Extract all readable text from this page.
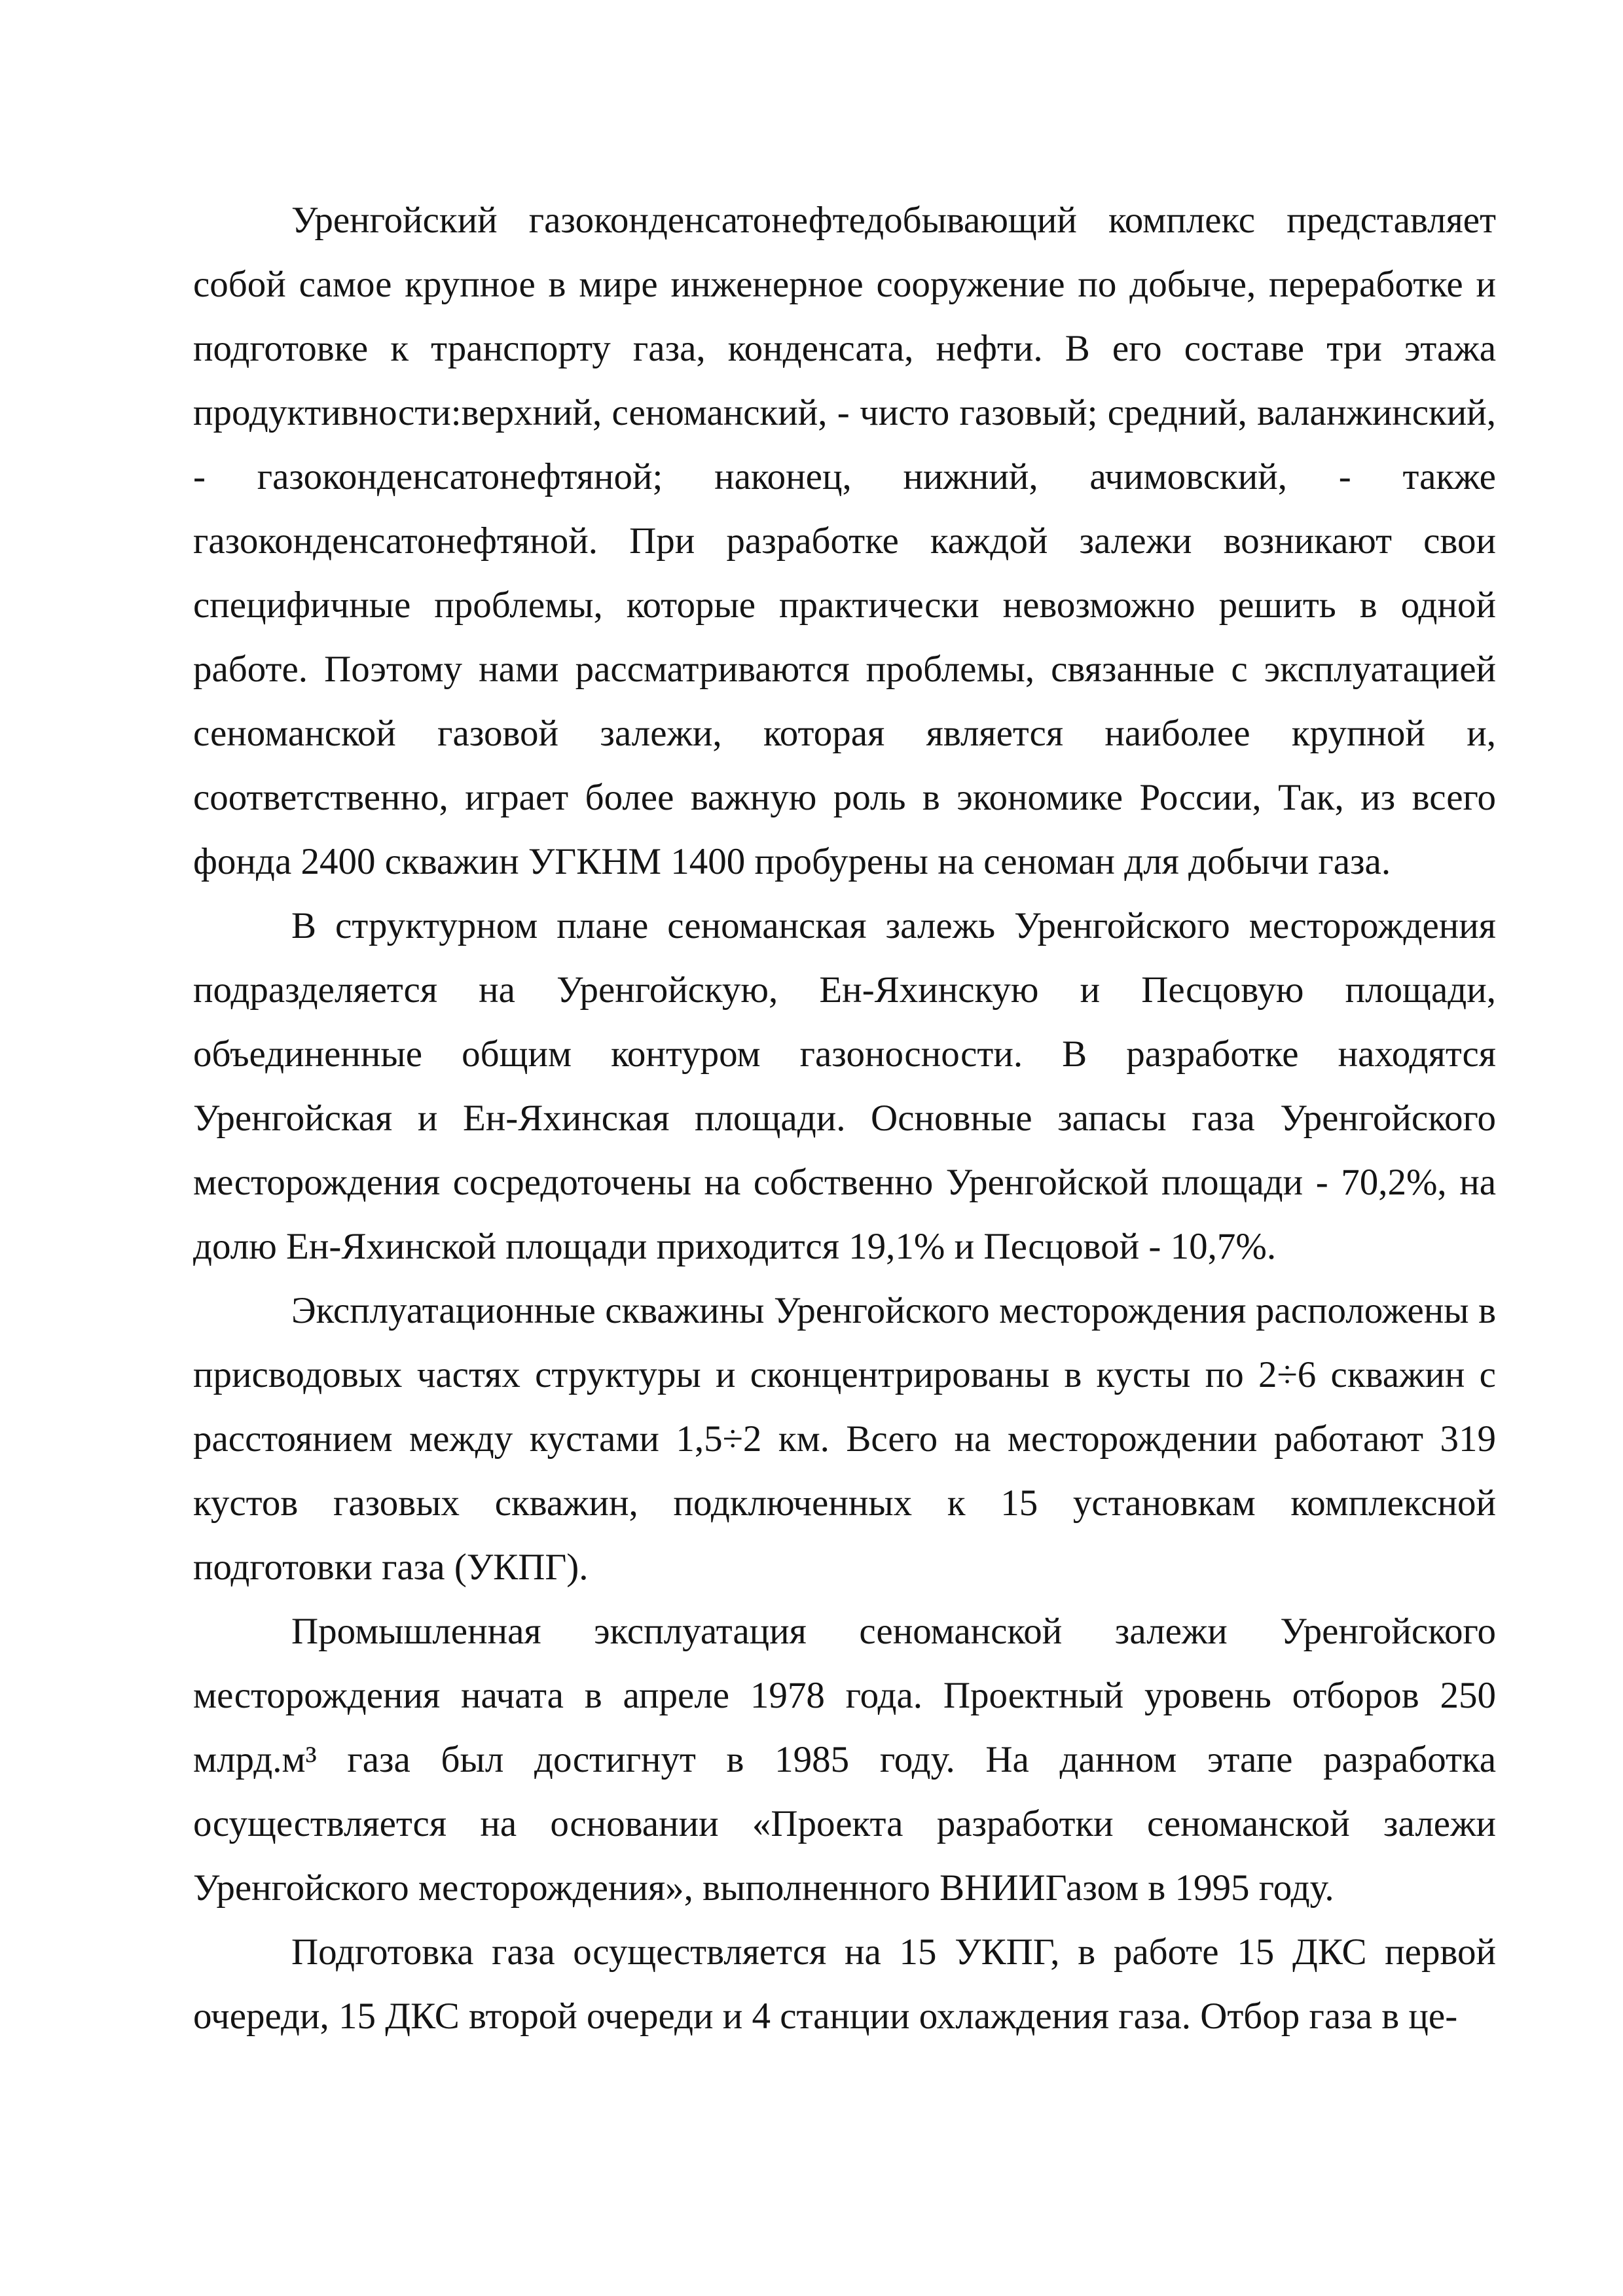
Уренгойский газоконденсатонефтедобывающий комплекс представляет собой самое крупное в мире инженерное сооружение по добыче, переработке и подготовке к транспорту газа, конденсата, нефти. В его составе три этажа продуктивности:верхний, сеноманский, - чисто газовый; средний, валанжинский, - газоконденсатонефтяной; наконец, нижний, ачимовский, - также газоконденсатонефтяной. При разработке каждой залежи возникают свои специфичные проблемы, которые практически невозможно решить в одной работе. Поэтому нами рассматриваются проблемы, связанные с эксплуатацией сеноманской газовой залежи, которая является наиболее крупной и, соответственно, играет более важную роль в экономике России, Так, из всего фонда 2400 скважин УГКНМ 1400 пробурены на сеноман для добычи газа.

В структурном плане сеноманская залежь Уренгойского месторождения подразделяется на Уренгойскую, Ен-Яхинскую и Песцовую площади, объединенные общим контуром газоносности. В разработке находятся Уренгойская и Ен-Яхинская площади. Основные запасы газа Уренгойского месторождения сосредоточены на собственно Уренгойской площади - 70,2%, на долю Ен-Яхинской площади приходится 19,1% и Песцовой - 10,7%.

Эксплуатационные скважины Уренгойского месторождения расположены в присводовых частях структуры и сконцентрированы в кусты по 2÷6 скважин с расстоянием между кустами 1,5÷2 км. Всего на месторождении работают 319 кустов газовых скважин, подключенных к 15 установкам комплексной подготовки газа (УКПГ).

Промышленная эксплуатация сеноманской залежи Уренгойского месторождения начата в апреле 1978 года. Проектный уровень отборов 250 млрд.м³ газа был достигнут в 1985 году. На данном этапе разработка осуществляется на основании «Проекта разработки сеноманской залежи Уренгойского месторождения», выполненного ВНИИГазом в 1995 году.

Подготовка газа осуществляется на 15 УКПГ, в работе 15 ДКС первой очереди, 15 ДКС второй очереди и 4 станции охлаждения газа. Отбор газа в це-
